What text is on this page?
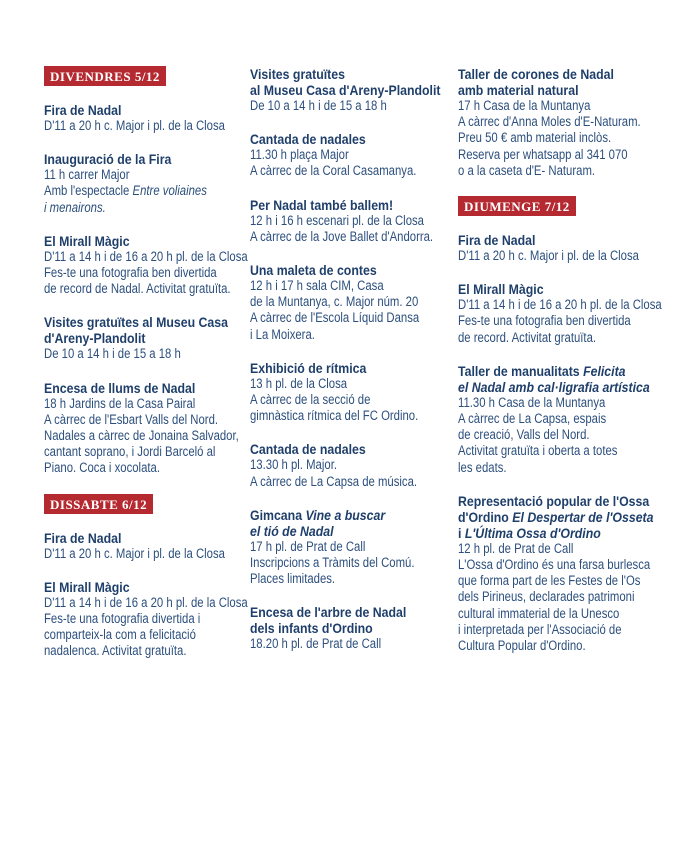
DIVENDRES 5/12
Fira de Nadal
D'11 a 20 h c. Major i pl. de la Closa
Inauguració de la Fira
11 h carrer Major
Amb l'espectacle Entre voliaines
i menairons.
El Mirall Màgic
D'11 a 14 h i de 16 a 20 h pl. de la Closa
Fes-te una fotografia ben divertida
de record de Nadal. Activitat gratuïta.
Visites gratuïtes al Museu Casa
d'Areny-Plandolit
De 10 a 14 h i de 15 a 18 h
Encesa de llums de Nadal
18 h Jardins de la Casa Pairal
A càrrec de l'Esbart Valls del Nord.
Nadales a càrrec de Jonaina Salvador,
cantant soprano, i Jordi Barceló al
Piano. Coca i xocolata.
DISSABTE 6/12
Fira de Nadal
D'11 a 20 h c. Major i pl. de la Closa
El Mirall Màgic
D'11 a 14 h i de 16 a 20 h pl. de la Closa
Fes-te una fotografia divertida i
comparteix-la com a felicitació
nadalenca. Activitat gratuïta.
Visites gratuïtes
al Museu Casa d'Areny-Plandolit
De 10 a 14 h i de 15 a 18 h
Cantada de nadales
11.30 h plaça Major
A càrrec de la Coral Casamanya.
Per Nadal també ballem!
12 h i 16 h escenari pl. de la Closa
A càrrec de la Jove Ballet d'Andorra.
Una maleta de contes
12 h i 17 h sala CIM, Casa
de la Muntanya, c. Major núm. 20
A càrrec de l'Escola Líquid Dansa
i La Moixera.
Exhibició de rítmica
13 h pl. de la Closa
A càrrec de la secció de
gimnàstica rítmica del FC Ordino.
Cantada de nadales
13.30 h pl. Major.
A càrrec de La Capsa de música.
Gimcana Vine a buscar
el tió de Nadal
17 h pl. de Prat de Call
Inscripcions a Tràmits del Comú.
Places limitades.
Encesa de l'arbre de Nadal
dels infants d'Ordino
18.20 h pl. de Prat de Call
Taller de corones de Nadal
amb material natural
17 h Casa de la Muntanya
A càrrec d'Anna Moles d'E-Naturam.
Preu 50 € amb material inclòs.
Reserva per whatsapp al 341 070
o a la caseta d'E- Naturam.
DIUMENGE 7/12
Fira de Nadal
D'11 a 20 h c. Major i pl. de la Closa
El Mirall Màgic
D'11 a 14 h i de 16 a 20 h pl. de la Closa
Fes-te una fotografia ben divertida
de record. Activitat gratuïta.
Taller de manualitats Felicita
el Nadal amb cal·ligrafia artística
11.30 h Casa de la Muntanya
A càrrec de La Capsa, espais
de creació, Valls del Nord.
Activitat gratuïta i oberta a totes
les edats.
Representació popular de l'Ossa
d'Ordino El Despertar de l'Osseta
i L'Última Ossa d'Ordino
12 h pl. de Prat de Call
L'Ossa d'Ordino és una farsa burlesca
que forma part de les Festes de l'Os
dels Pirineus, declarades patrimoni
cultural immaterial de la Unesco
i interpretada per l'Associació de
Cultura Popular d'Ordino.
